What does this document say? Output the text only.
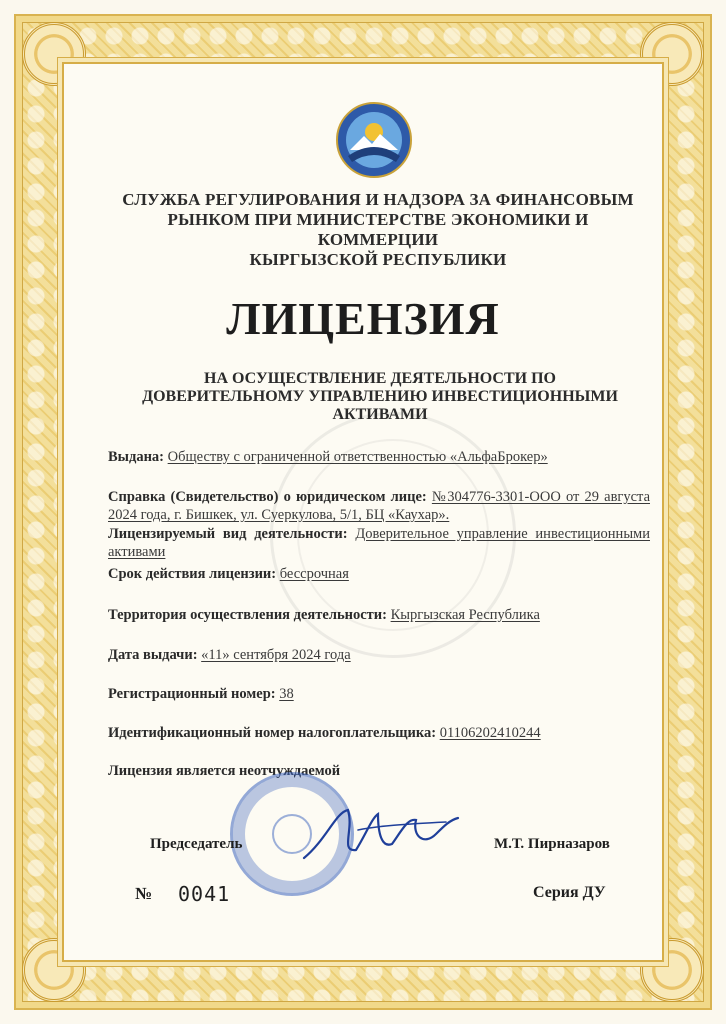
СЛУЖБА РЕГУЛИРОВАНИЯ И НАДЗОРА ЗА ФИНАНСОВЫМ
РЫНКОМ ПРИ МИНИСТЕРСТВЕ ЭКОНОМИКИ И КОММЕРЦИИ
КЫРГЫЗСКОЙ РЕСПУБЛИКИ
ЛИЦЕНЗИЯ
НА ОСУЩЕСТВЛЕНИЕ ДЕЯТЕЛЬНОСТИ ПО
ДОВЕРИТЕЛЬНОМУ УПРАВЛЕНИЮ ИНВЕСТИЦИОННЫМИ
АКТИВАМИ
Выдана: Обществу с ограниченной ответственностью «АльфаБрокер»
Справка (Свидетельство) о юридическом лице: №304776-3301-ООО от 29 августа 2024 года, г. Бишкек, ул. Суеркулова, 5/1, БЦ «Каухар».
Лицензируемый вид деятельности: Доверительное управление инвестиционными активами
Срок действия лицензии: бессрочная
Территория осуществления деятельности: Кыргызская Республика
Дата выдачи: «11» сентября 2024 года
Регистрационный номер: 38
Идентификационный номер налогоплательщика: 01106202410244
Лицензия является неотчуждаемой
Председатель	М.Т. Пирназаров
№ 0041	Серия ДУ
